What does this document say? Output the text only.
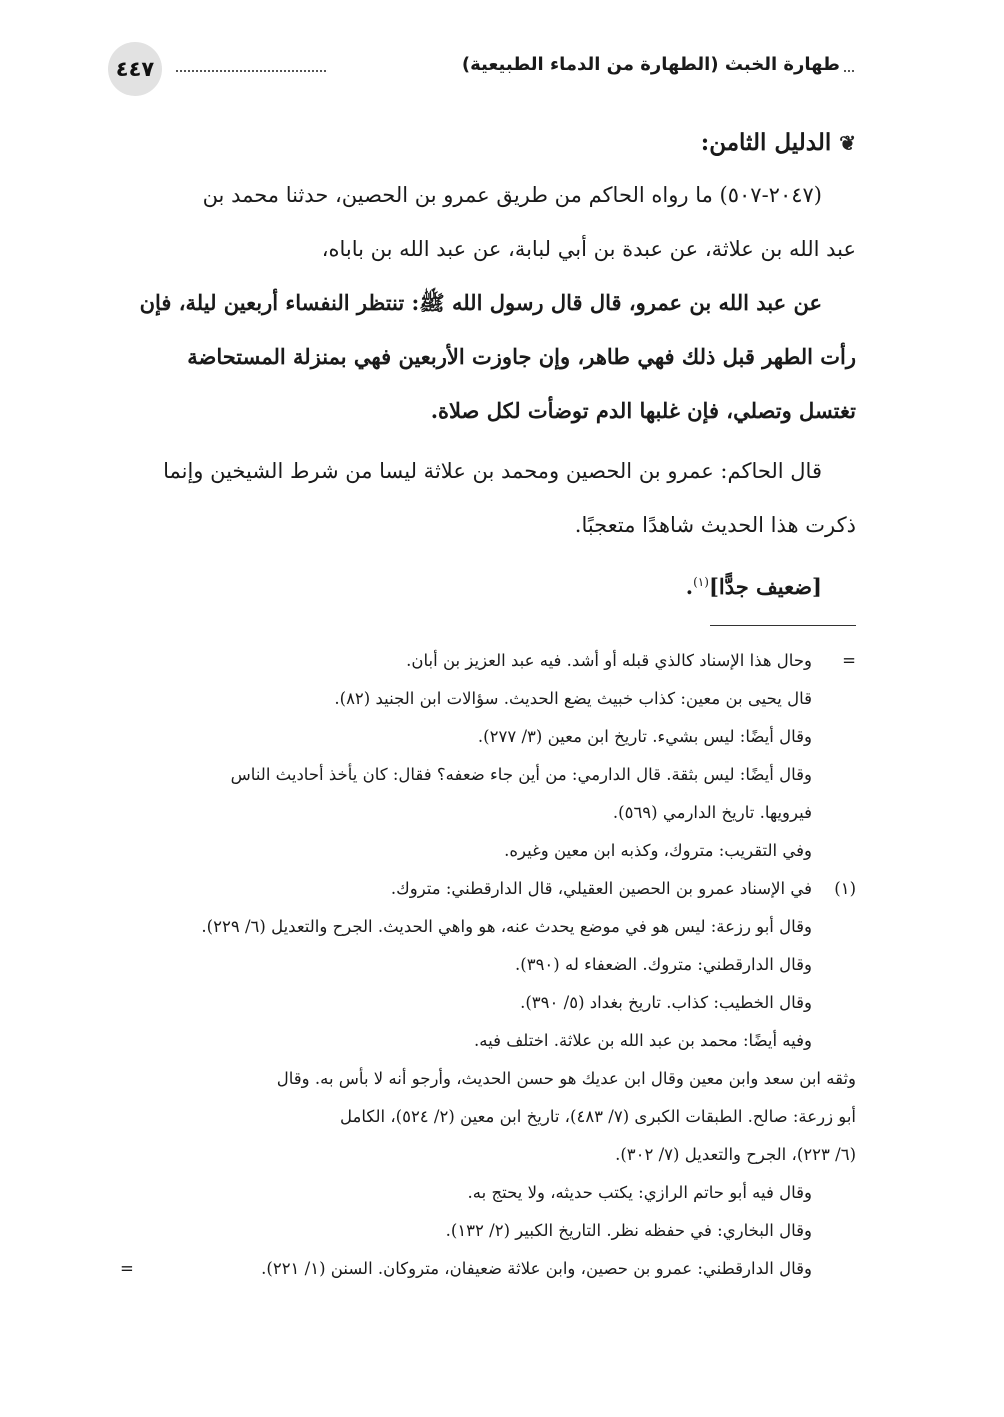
٤٤٧	طهارة الخبث (الطهارة من الدماء الطبيعية)
❦الدليل الثامن:
(٢٠٤٧-٥٠٧) ما رواه الحاكم من طريق عمرو بن الحصين، حدثنا محمد بن
عبد الله بن علاثة، عن عبدة بن أبي لبابة، عن عبد الله بن باباه،
عن عبد الله بن عمرو، قال قال رسول الله ﷺ: تنتظر النفساء أربعين ليلة، فإن
رأت الطهر قبل ذلك فهي طاهر، وإن جاوزت الأربعين فهي بمنزلة المستحاضة
تغتسل وتصلي، فإن غلبها الدم توضأت لكل صلاة.
قال الحاكم: عمرو بن الحصين ومحمد بن علاثة ليسا من شرط الشيخين وإنما
ذكرت هذا الحديث شاهدًا متعجبًا.
[ضعيف جدًّا]$^{(١)}$.
=
وحال هذا الإسناد كالذي قبله أو أشد. فيه عبد العزيز بن أبان.
قال يحيى بن معين: كذاب خبيث يضع الحديث. سؤالات ابن الجنيد (٨٢).
وقال أيضًا: ليس بشيء. تاريخ ابن معين (٣/ ٢٧٧).
وقال أيضًا: ليس بثقة. قال الدارمي: من أين جاء ضعفه؟ فقال: كان يأخذ أحاديث الناس
فيرويها. تاريخ الدارمي (٥٦٩).
وفي التقريب: متروك، وكذبه ابن معين وغيره.
(١)
في الإسناد عمرو بن الحصين العقيلي، قال الدارقطني: متروك.
وقال أبو رزعة: ليس هو في موضع يحدث عنه، هو واهي الحديث. الجرح والتعديل (٦/ ٢٢٩).
وقال الدارقطني: متروك. الضعفاء له (٣٩٠).
وقال الخطيب: كذاب. تاريخ بغداد (٥/ ٣٩٠).
وفيه أيضًا: محمد بن عبد الله بن علاثة. اختلف فيه.
وثقه ابن سعد وابن معين وقال ابن عديك هو حسن الحديث، وأرجو أنه لا بأس به. وقال
أبو زرعة: صالح. الطبقات الكبرى (٧/ ٤٨٣)، تاريخ ابن معين (٢/ ٥٢٤)، الكامل
(٦/ ٢٢٣)، الجرح والتعديل (٧/ ٣٠٢).
وقال فيه أبو حاتم الرازي: يكتب حديثه، ولا يحتج به.
وقال البخاري: في حفظه نظر. التاريخ الكبير (٢/ ١٣٢).
وقال الدارقطني: عمرو بن حصين، وابن علاثة ضعيفان، متروكان. السنن (١/ ٢٢١).
=
